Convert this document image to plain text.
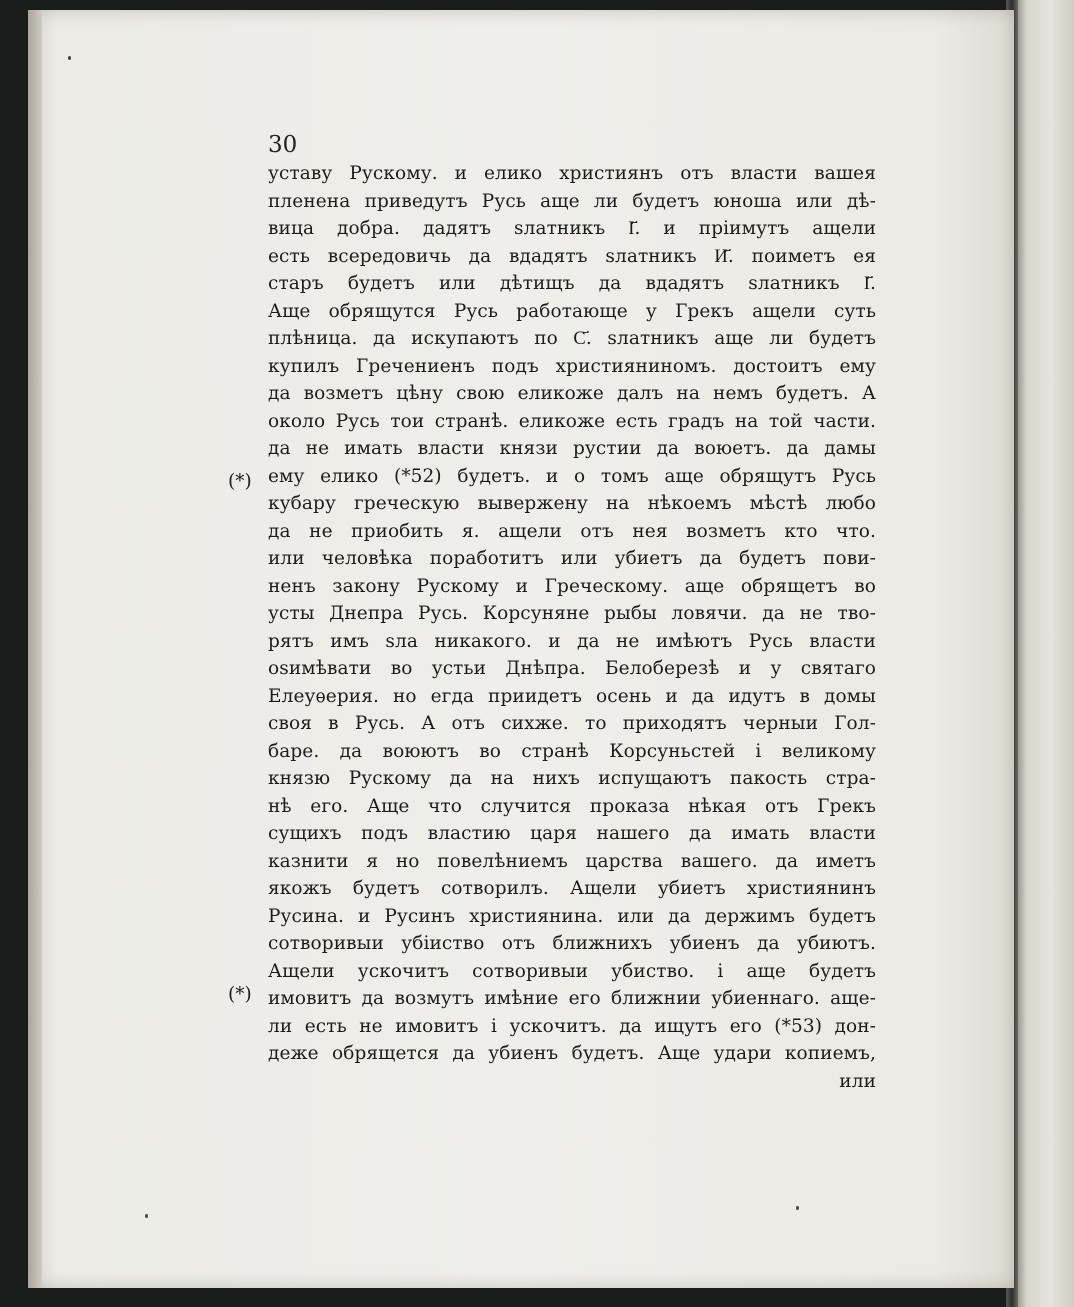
30
(*)
(*)
уставу Рускому. и елико християнъ отъ власти вашея
пленена приведутъ Русь аще ли будетъ юноша или дѣ-
вица добра. дадятъ ѕлатникъ І҃. и прiимутъ ащели
есть всередовичь да вдадятъ ѕлатникъ И҃. поиметъ ея
старъ будетъ или дѣтищъ да вдадятъ ѕлатникъ І҃.
Аще обрящутся Русь работающе у Грекъ ащели суть
плѣница. да искупаютъ по С҃. ѕлатникъ аще ли будетъ
купилъ Гречениенъ подъ християниномъ. достоитъ ему
да возметъ цѣну свою еликоже далъ на немъ будетъ. А
около Русь тои странѣ. еликоже есть градъ на той части.
да не имать власти князи рустии да воюетъ. да дамы
ему елико (*52) будетъ. и о томъ аще обрящутъ Русь
кубару греческую вывержену на нѣкоемъ мѣстѣ любо
да не приобить я. ащели отъ нея возметъ кто что.
или человѣка поработитъ или убиетъ да будетъ пови-
ненъ закону Рускому и Греческому. аще обрящетъ во
усты Днепра Русь. Корсуняне рыбы ловячи. да не тво-
рятъ имъ ѕла никакого. и да не имѣютъ Русь власти
оѕимѣвати во устьи Днѣпра. Белоберезѣ и у святаго
Елеуѳерия. но егда приидетъ осень и да идутъ в домы
своя в Русь. А отъ сихже. то приходятъ черныи Гол-
баре. да воюютъ во странѣ Корсуньстей і великому
князю Рускому да на нихъ испущаютъ пакость стра-
нѣ его. Аще что случится проказа нѣкая отъ Грекъ
сущихъ подъ властию царя нашего да имать власти
казнити я но повелѣниемъ царства вашего. да иметъ
якожъ будетъ сотворилъ. Ащели убиетъ християнинъ
Русина. и Русинъ християнина. или да держимъ будетъ
сотворивыи убiиство отъ ближнихъ убиенъ да убиютъ.
Ащели ускочитъ сотворивыи убиство. і аще будетъ
имовитъ да возмутъ имѣние его ближнии убиеннаго. аще-
ли есть не имовитъ і ускочитъ. да ищутъ его (*53) дон-
деже обрящется да убиенъ будетъ. Аще удари копиемъ,
или
